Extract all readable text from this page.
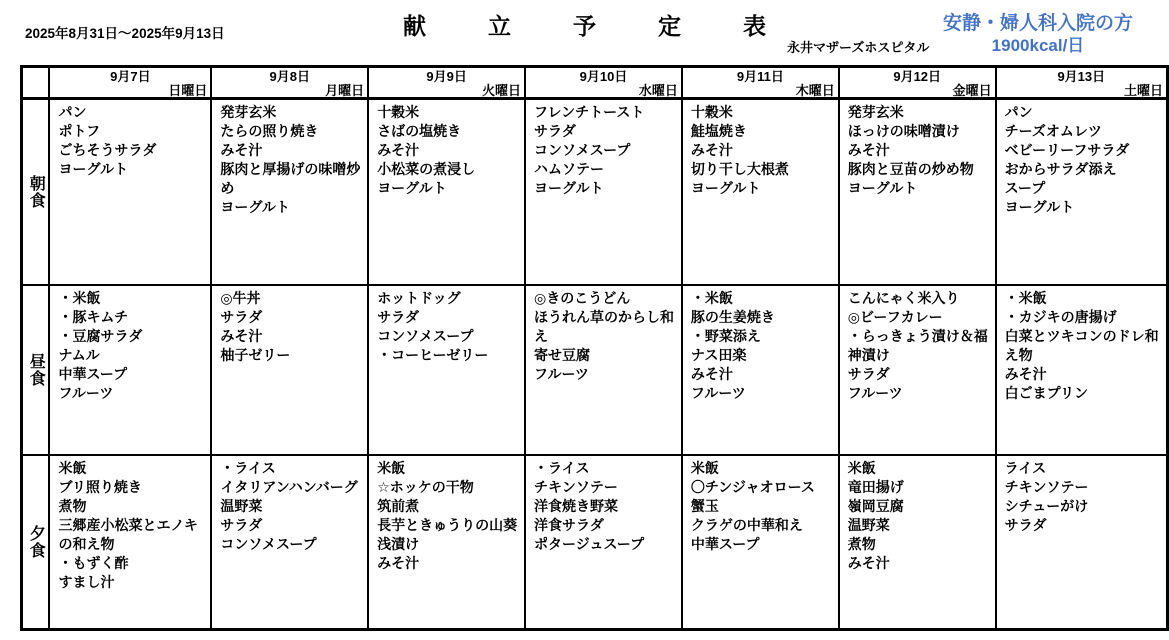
献立予定表
2025年8月31日～2025年9月13日
永井マザーズホスピタル
安静・婦人科入院の方
1900kcal/日

9月7日
日曜日

9月8日
月曜日

9月9日
火曜日

9月10日
水曜日

9月11日
木曜日

9月12日
金曜日

9月13日
土曜日

朝食

パン
ポトフ
ごちそうサラダ
ヨーグルト

発芽玄米
たらの照り焼き
みそ汁
豚肉と厚揚げの味噌炒め
ヨーグルト

十穀米
さばの塩焼き
みそ汁
小松菜の煮浸し
ヨーグルト

フレンチトースト
サラダ
コンソメスープ
ハムソテー
ヨーグルト

十穀米
鮭塩焼き
みそ汁
切り干し大根煮
ヨーグルト

発芽玄米
ほっけの味噌漬け
みそ汁
豚肉と豆苗の炒め物
ヨーグルト

パン
チーズオムレツ
ベビーリーフサラダ
おからサラダ添え
スープ
ヨーグルト

昼食

・米飯
・豚キムチ
・豆腐サラダ
ナムル
中華スープ
フルーツ

◎牛丼
サラダ
みそ汁
柚子ゼリー

ホットドッグ
サラダ
コンソメスープ
・コーヒーゼリー

◎きのこうどん
ほうれん草のからし和え
寄せ豆腐
フルーツ

・米飯
豚の生姜焼き
・野菜添え
ナス田楽
みそ汁
フルーツ

こんにゃく米入り
◎ビーフカレー
・らっきょう漬け＆福神漬け
サラダ
フルーツ

・米飯
・カジキの唐揚げ
白菜とツキコンのドレ和え物
みそ汁
白ごまプリン

夕食

米飯
ブリ照り焼き
煮物
三郷産小松菜とエノキの和え物
・もずく酢
すまし汁

・ライス
イタリアンハンバーグ
温野菜
サラダ
コンソメスープ

米飯
☆ホッケの干物
筑前煮
長芋ときゅうりの山葵浅漬け
みそ汁

・ライス
チキンソテー
洋食焼き野菜
洋食サラダ
ポタージュスープ

米飯
〇チンジャオロース
蟹玉
クラゲの中華和え
中華スープ

米飯
竜田揚げ
嶺岡豆腐
温野菜
煮物
みそ汁

ライス
チキンソテー
シチューがけ
サラダ
